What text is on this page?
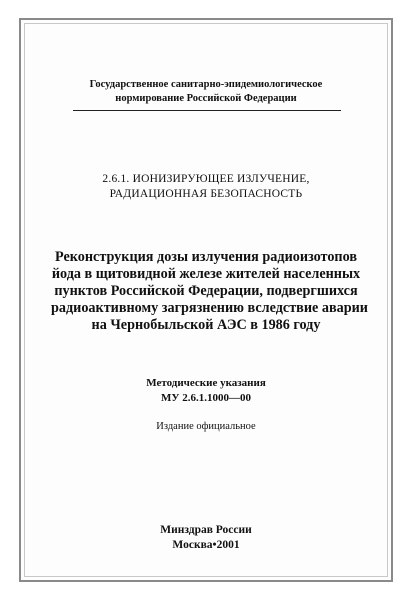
Государственное санитарно-эпидемиологическое
нормирование Российской Федерации
2.6.1. ИОНИЗИРУЮЩЕЕ ИЗЛУЧЕНИЕ,
РАДИАЦИОННАЯ БЕЗОПАСНОСТЬ
Реконструкция дозы излучения радиоизотопов
йода в щитовидной железе жителей населенных
пунктов Российской Федерации, подвергшихся
радиоактивному загрязнению вследствие аварии
на Чернобыльской АЭС в 1986 году
Методические указания
МУ 2.6.1.1000—00
Издание официальное
Минздрав России
Москва•2001
